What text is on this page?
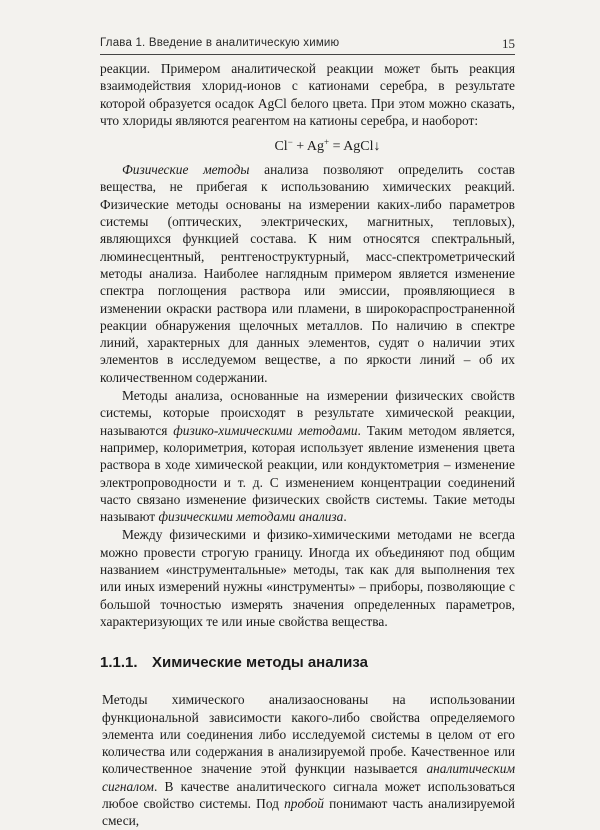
Глава 1. Введение в аналитическую химию	15

реакции. Примером аналитической реакции может быть реакция взаимодействия хлорид-ионов с катионами серебра, в результате которой образуется осадок AgCl белого цвета. При этом можно сказать, что хлориды являются реагентом на катионы серебра, и наоборот:

Cl− + Ag+ = AgCl↓

Физические методы анализа позволяют определить состав вещества, не прибегая к использованию химических реакций. Физические методы основаны на измерении каких-либо параметров системы (оптических, электрических, магнитных, тепловых), являющихся функцией состава. К ним относятся спектральный, люминесцентный, рентгеноструктурный, масс-спектрометрический методы анализа. Наиболее наглядным примером является изменение спектра поглощения раствора или эмиссии, проявляющиеся в изменении окраски раствора или пламени, в широкораспространенной реакции обнаружения щелочных металлов. По наличию в спектре линий, характерных для данных элементов, судят о наличии этих элементов в исследуемом веществе, а по яркости линий – об их количественном содержании.

Методы анализа, основанные на измерении физических свойств системы, которые происходят в результате химической реакции, называются физико-химическими методами. Таким методом является, например, колориметрия, которая использует явление изменения цвета раствора в ходе химической реакции, или кондуктометрия – изменение электропроводности и т. д. С изменением концентрации соединений часто связано изменение физических свойств системы. Такие методы называют физическими методами анализа.

Между физическими и физико-химическими методами не всегда можно провести строгую границу. Иногда их объединяют под общим названием «инструментальные» методы, так как для выполнения тех или иных измерений нужны «инструменты» – приборы, позволяющие с большой точностью измерять значения определенных параметров, характеризующих те или иные свойства вещества.

1.1.1. Химические методы анализа

Методы химического анализаоснованы на использовании функциональной зависимости какого-либо свойства определяемого элемента или соединения либо исследуемой системы в целом от его количества или содержания в анализируемой пробе. Качественное или количественное значение этой функции называется аналитическим сигналом. В качестве аналитического сигнала может использоваться любое свойство системы. Под пробой понимают часть анализируемой смеси,
